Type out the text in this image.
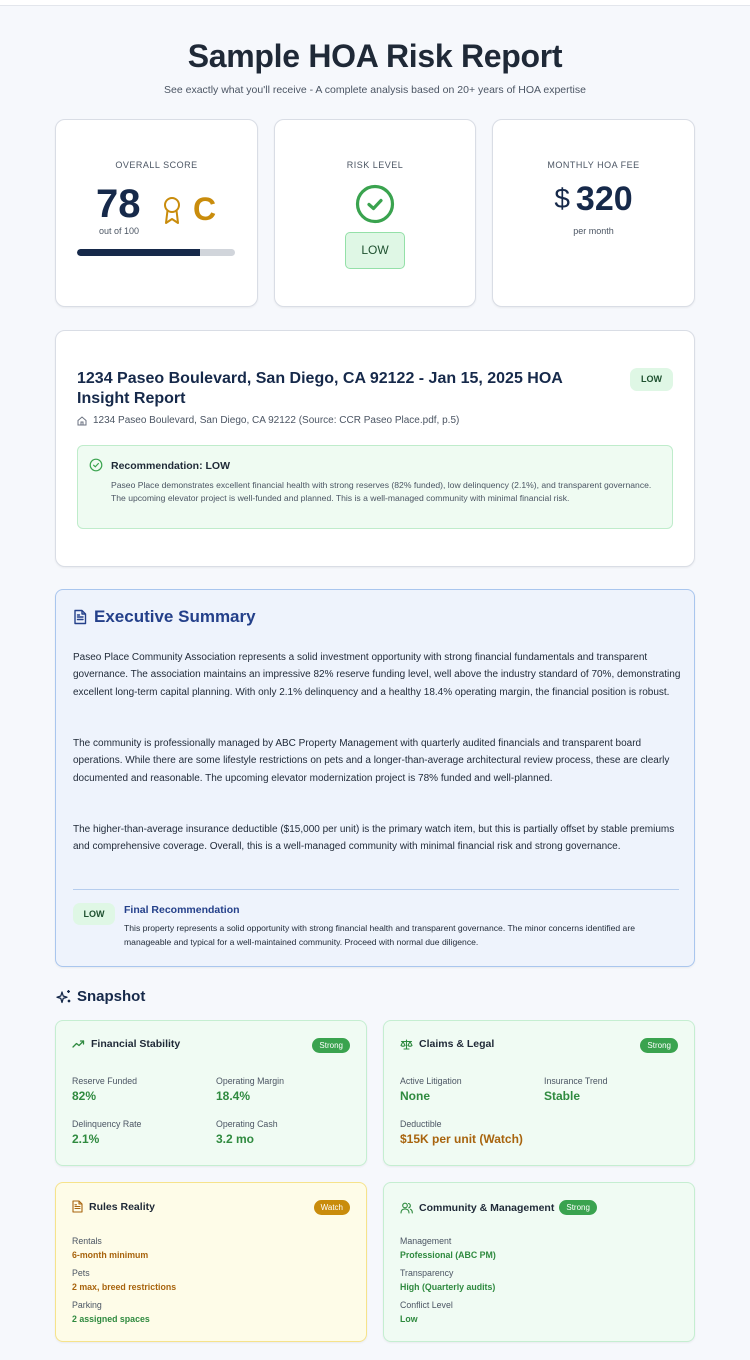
Sample HOA Risk Report

See exactly what you'll receive - A complete analysis based on 20+ years of HOA expertise

OVERALL SCORE
78
out of 100
C
RISK LEVEL
LOW
MONTHLY HOA FEE
$ 320
per month
1234 Paseo Boulevard, San Diego, CA 92122 - Jan 15, 2025 HOA Insight Report
LOW
1234 Paseo Boulevard, San Diego, CA 92122 (Source: CCR Paseo Place.pdf, p.5)
Recommendation: LOW
Paseo Place demonstrates excellent financial health with strong reserves (82% funded), low delinquency (2.1%), and transparent governance. The upcoming elevator project is well-funded and planned. This is a well-managed community with minimal financial risk.
Executive Summary

Paseo Place Community Association represents a solid investment opportunity with strong financial fundamentals and transparent governance. The association maintains an impressive 82% reserve funding level, well above the industry standard of 70%, demonstrating excellent long-term capital planning. With only 2.1% delinquency and a healthy 18.4% operating margin, the financial position is robust.

The community is professionally managed by ABC Property Management with quarterly audited financials and transparent board operations. While there are some lifestyle restrictions on pets and a longer-than-average architectural review process, these are clearly documented and reasonable. The upcoming elevator modernization project is 78% funded and well-planned.

The higher-than-average insurance deductible ($15,000 per unit) is the primary watch item, but this is partially offset by stable premiums and comprehensive coverage. Overall, this is a well-managed community with minimal financial risk and strong governance.

LOW	Final Recommendation
This property represents a solid opportunity with strong financial health and transparent governance. The minor concerns identified are manageable and typical for a well-maintained community. Proceed with normal due diligence.
Snapshot
Financial Stability	Strong
Reserve Funded
82%
Operating Margin
18.4%
Delinquency Rate
2.1%
Operating Cash
3.2 mo
Claims & Legal	Strong
Active Litigation
None
Insurance Trend
Stable
Deductible
$15K per unit (Watch)
Rules Reality	Watch
Rentals
6-month minimum
Pets
2 max, breed restrictions
Parking
2 assigned spaces
Community & Management	Strong
Management
Professional (ABC PM)
Transparency
High (Quarterly audits)
Conflict Level
Low
